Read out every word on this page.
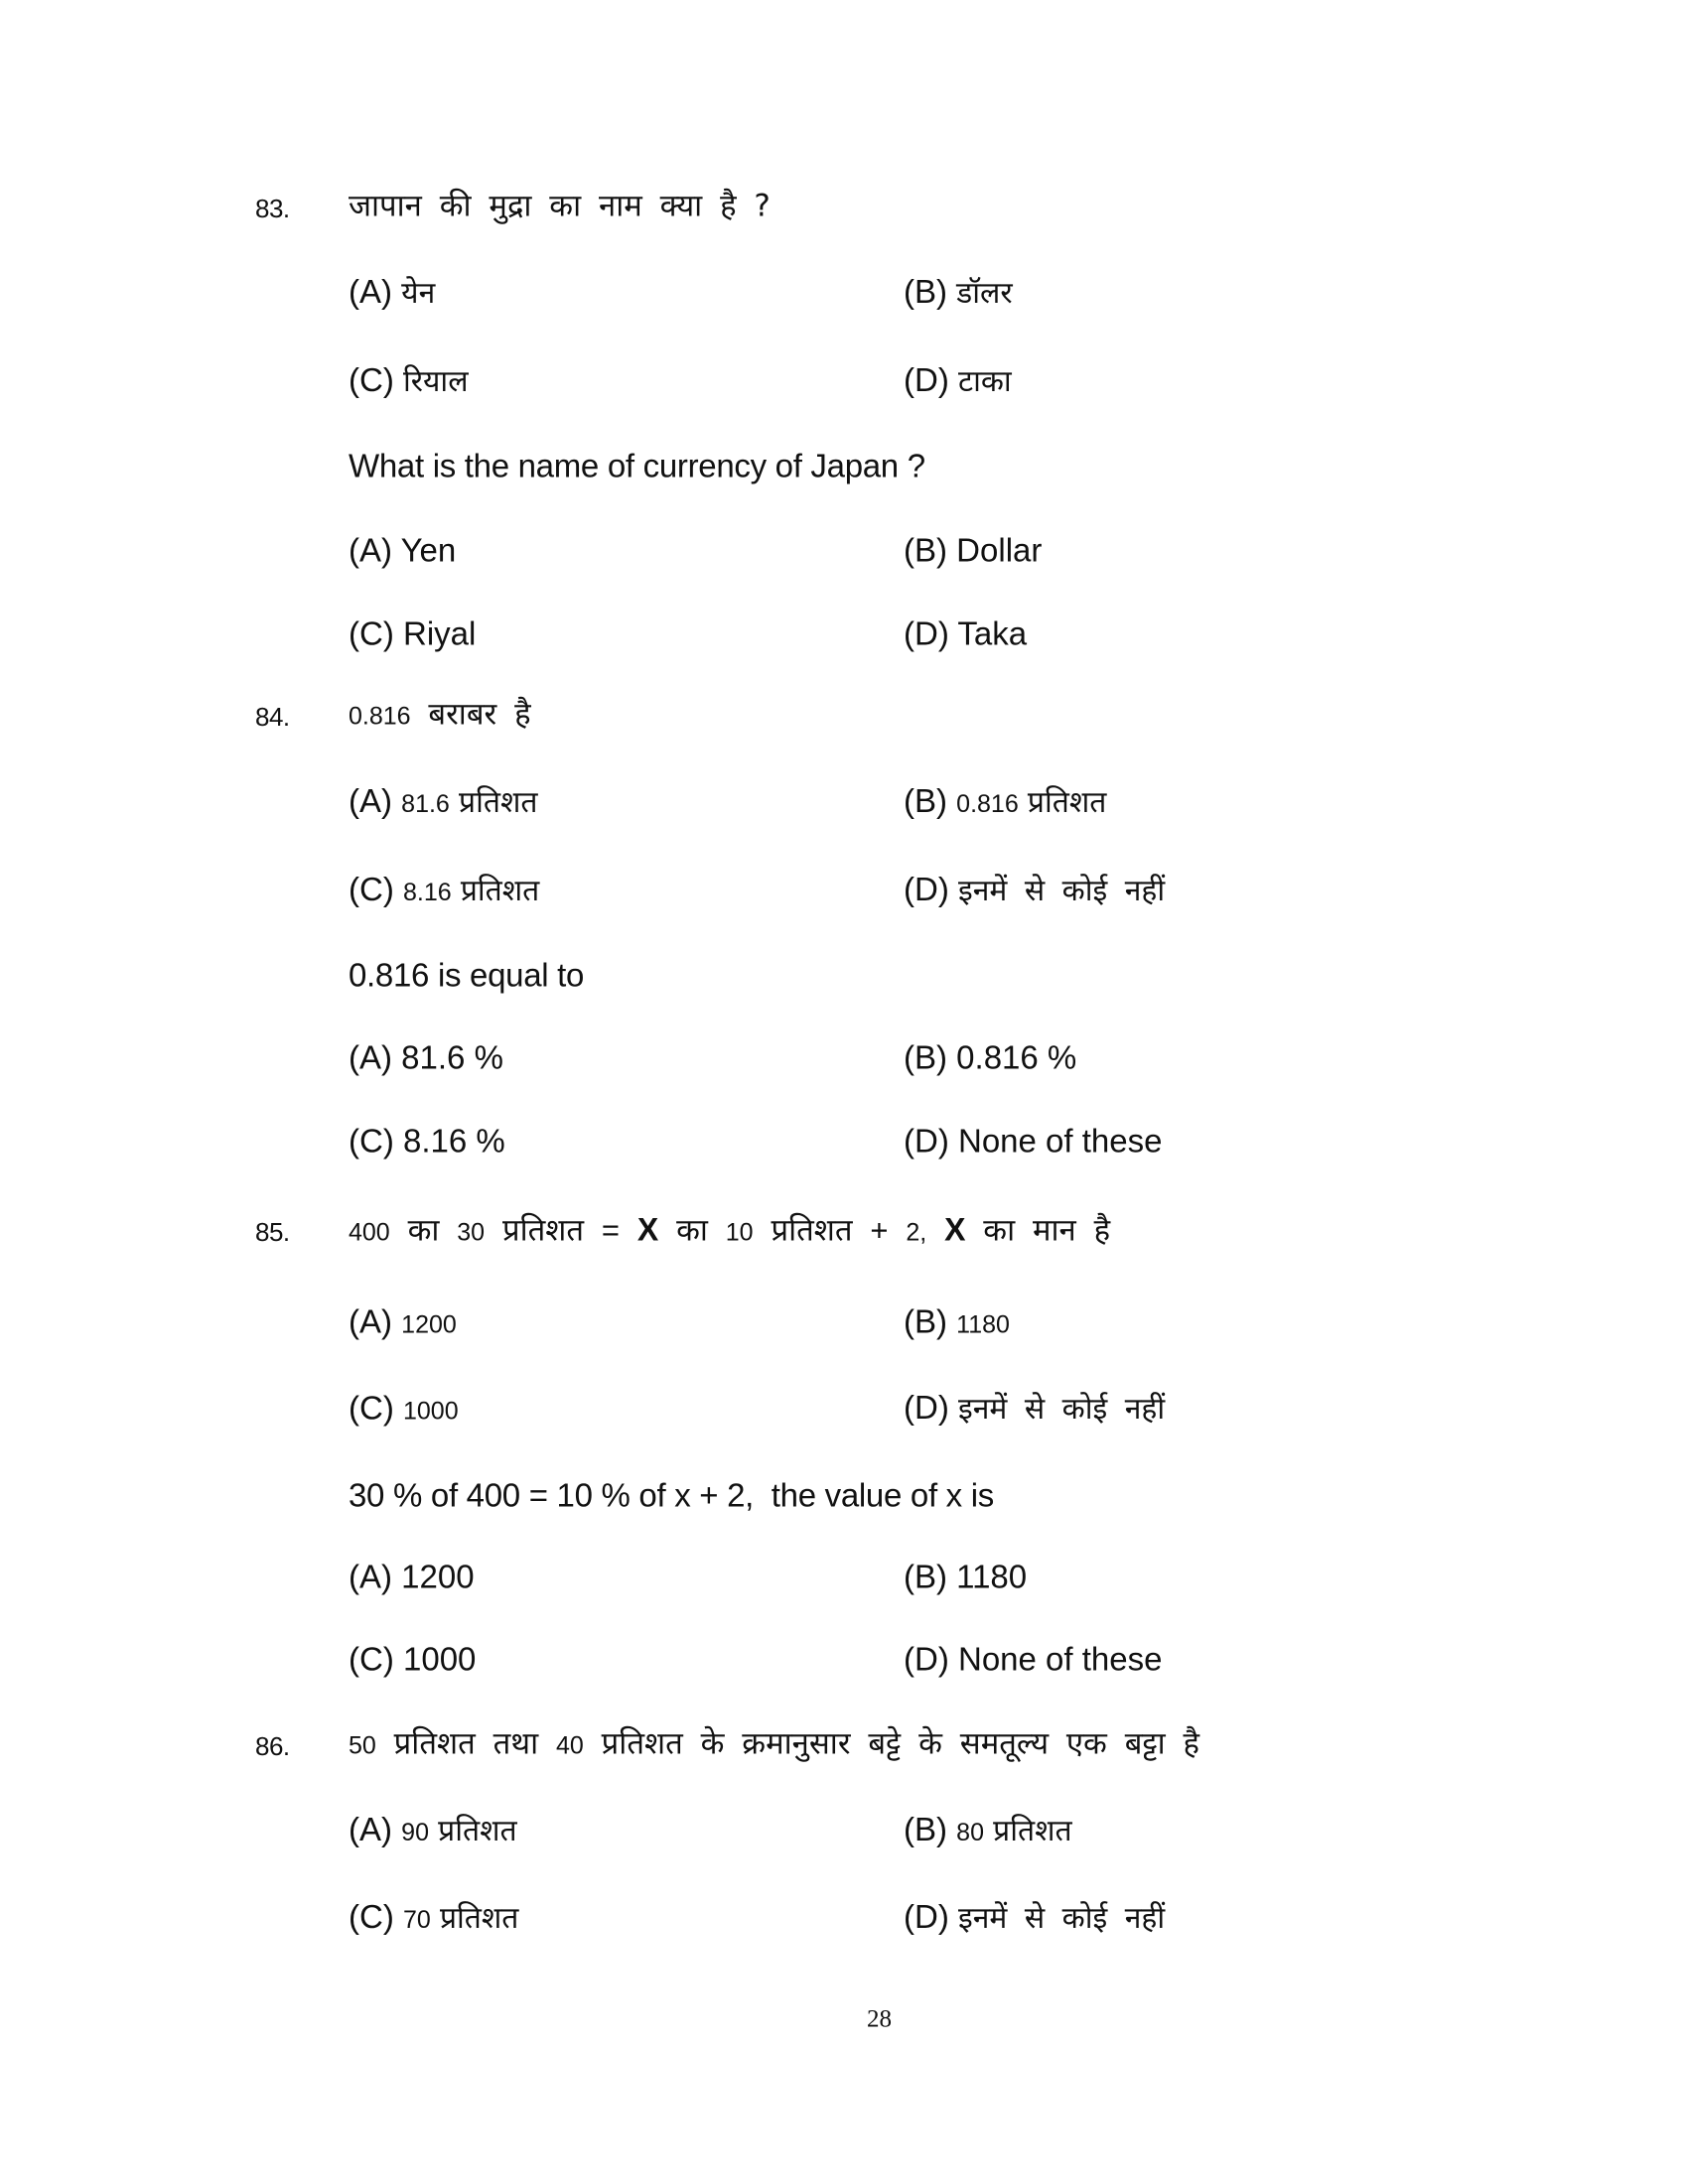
83. जापान की मुद्रा का नाम क्या है ?
(A) येन	(B) डॉलर
(C) रियाल	(D) टाका
What is the name of currency of Japan ?
(A) Yen	(B) Dollar
(C) Riyal	(D) Taka
84. 0.816 बराबर है
(A) 81.6 प्रतिशत	(B) 0.816 प्रतिशत
(C) 8.16 प्रतिशत	(D) इनमें से कोई नहीं
0.816 is equal to
(A) 81.6 %	(B) 0.816 %
(C) 8.16 %	(D) None of these
85. 400 का 30 प्रतिशत = X का 10 प्रतिशत + 2, X का मान है
(A) 1200	(B) 1180
(C) 1000	(D) इनमें से कोई नहीं
30 % of 400 = 10 % of x + 2,  the value of x is
(A) 1200	(B) 1180
(C) 1000	(D) None of these
86. 50 प्रतिशत तथा 40 प्रतिशत के क्रमानुसार बट्टे के समतूल्य एक बट्टा है
(A) 90 प्रतिशत	(B) 80 प्रतिशत
(C) 70 प्रतिशत	(D) इनमें से कोई नहीं
28
